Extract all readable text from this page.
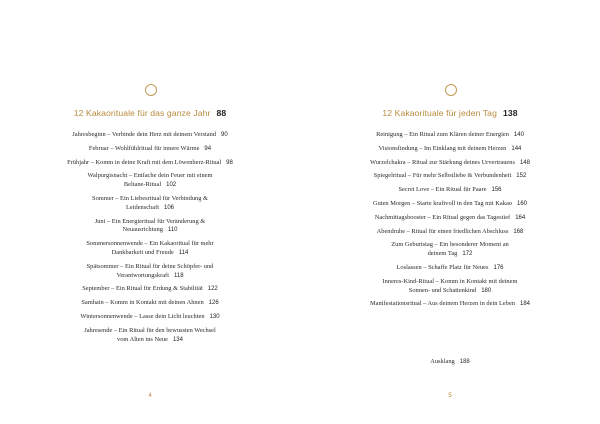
12 Kakaorituale für das ganze Jahr 88
Jahresbeginn – Verbinde dein Herz mit deinem Verstand 90
Februar – Wohlfühlritual für innere Wärme 94
Frühjahr – Komm in deine Kraft mit dem Löwenherz-Ritual 98
Walpurgisnacht – Entfache dein Feuer mit einem
Beltane-Ritual 102
Sommer – Ein Liebesritual für Verbindung &
Leidenschaft 106
Juni – Ein Energieritual für Veränderung &
Neuausrichtung 110
Sommersonnenwende – Ein Kakaoritual für mehr
Dankbarkeit und Freude 114
Spätsommer – Ein Ritual für deine Schöpfer- und
Verantwortungskraft 118
September – Ein Ritual für Erdung & Stabilität 122
Samhain – Komm in Kontakt mit deinen Ahnen 126
Wintersonnenwende – Lasse dein Licht leuchten 130
Jahresende – Ein Ritual für den bewussten Wechsel
vom Alten ins Neue 134
4
12 Kakaorituale für jeden Tag 138
Reinigung – Ein Ritual zum Klären deiner Energien 140
Visionsfindung – Im Einklang mit deinem Herzen 144
Wurzelchakra – Ritual zur Stärkung deines Urvertrauens 148
Spiegelritual – Für mehr Selbstliebe & Verbundenheit 152
Secret Love – Ein Ritual für Paare 156
Guten Morgen – Starte kraftvoll in den Tag mit Kakao 160
Nachmittagsbooster – Ein Ritual gegen das Tagestief 164
Abendruhe – Ritual für einen friedlichen Abschluss 168
Zum Geburtstag – Ein besonderer Moment an
deinem Tag 172
Loslassen – Schaffe Platz für Neues 176
Inneres-Kind-Ritual – Komm in Kontakt mit deinem
Sonnen- und Schattenkind 180
Manifestationsritual – Aus deinem Herzen in dein Leben 184
Ausklang 188
5
